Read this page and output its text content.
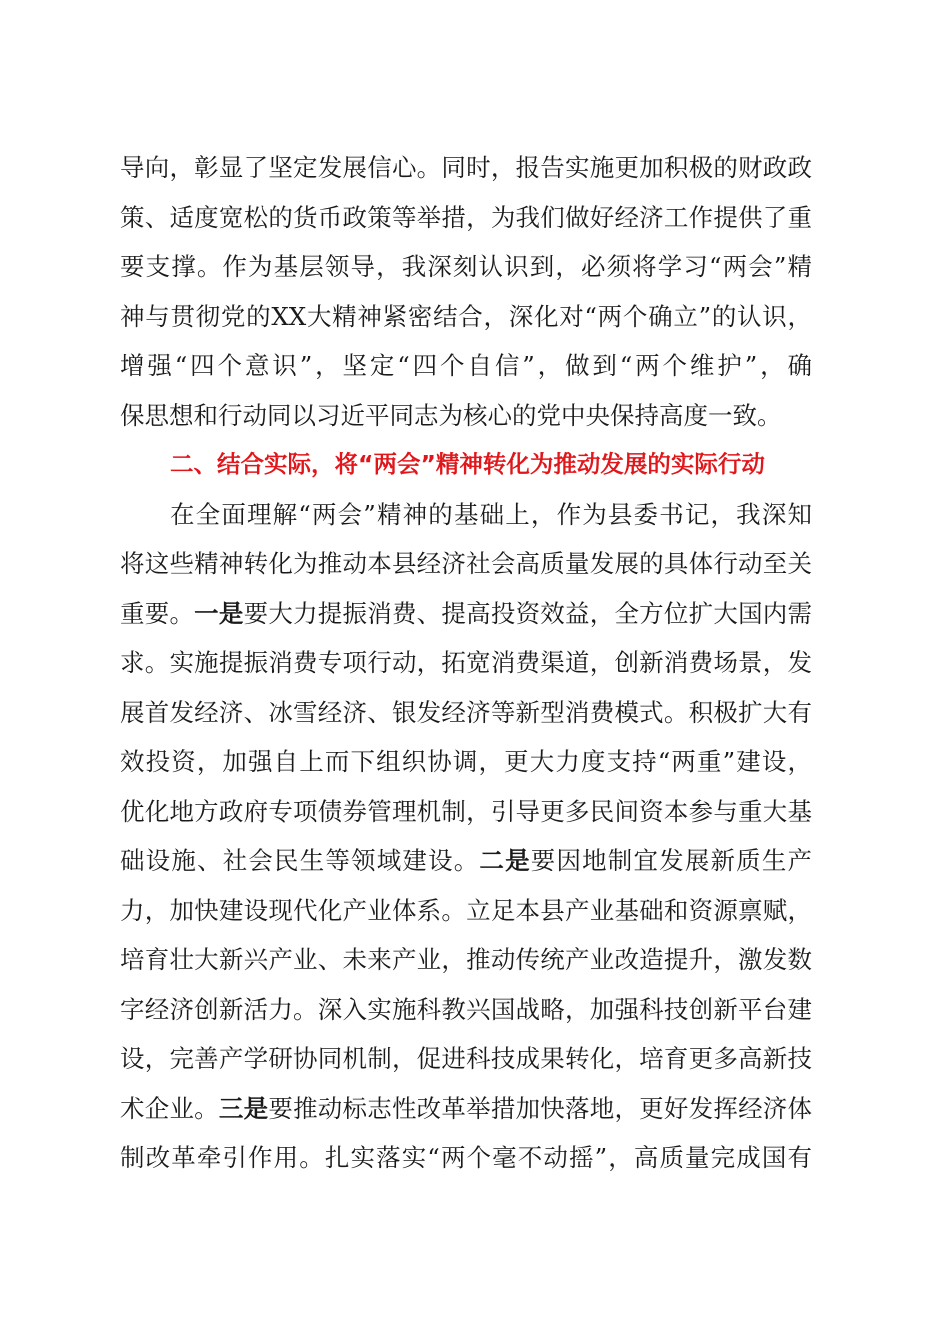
导向，彰显了坚定发展信心。同时，报告实施更加积极的财政政
策、适度宽松的货币政策等举措，为我们做好经济工作提供了重
要支撑。作为基层领导，我深刻认识到，必须将学习“两会”精
神与贯彻党的XX大精神紧密结合，深化对“两个确立”的认识，
增强“四个意识”，坚定“四个自信”，做到“两个维护”，确
保思想和行动同以习近平同志为核心的党中央保持高度一致。
二、结合实际，将“两会”精神转化为推动发展的实际行动
在全面理解“两会”精神的基础上，作为县委书记，我深知
将这些精神转化为推动本县经济社会高质量发展的具体行动至关
重要。一是要大力提振消费、提高投资效益，全方位扩大国内需
求。实施提振消费专项行动，拓宽消费渠道，创新消费场景，发
展首发经济、冰雪经济、银发经济等新型消费模式。积极扩大有
效投资，加强自上而下组织协调，更大力度支持“两重”建设，
优化地方政府专项债券管理机制，引导更多民间资本参与重大基
础设施、社会民生等领域建设。二是要因地制宜发展新质生产
力，加快建设现代化产业体系。立足本县产业基础和资源禀赋，
培育壮大新兴产业、未来产业，推动传统产业改造提升，激发数
字经济创新活力。深入实施科教兴国战略，加强科技创新平台建
设，完善产学研协同机制，促进科技成果转化，培育更多高新技
术企业。三是要推动标志性改革举措加快落地，更好发挥经济体
制改革牵引作用。扎实落实“两个毫不动摇”，高质量完成国有
